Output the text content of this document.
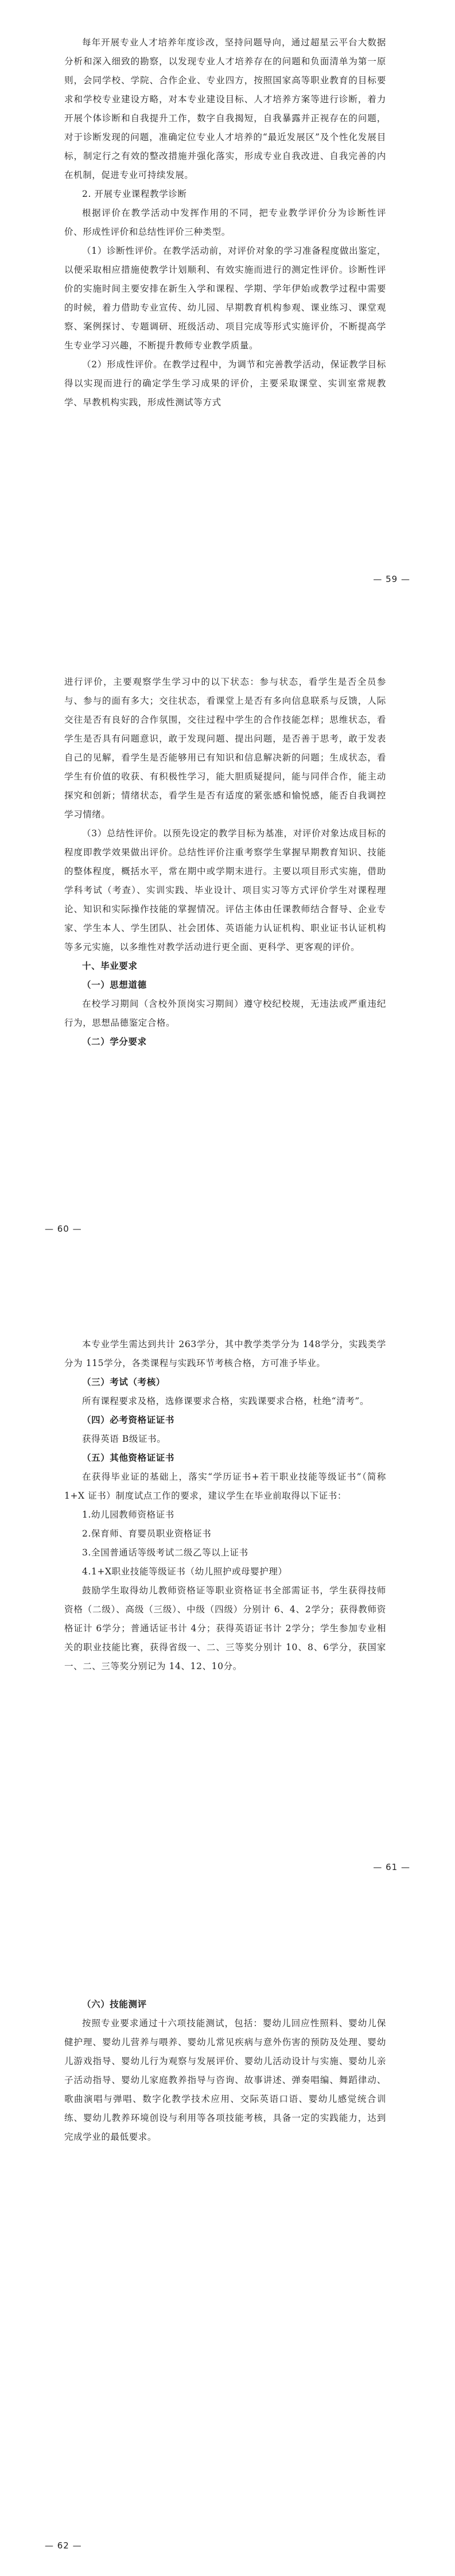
每年开展专业人才培养年度诊改，坚持问题导向，通过超星云平台大数据分析和深入细致的勘察，以发现专业人才培养存在的问题和负面清单为第一原则，会同学校、学院、合作企业、专业四方，按照国家高等职业教育的目标要求和学校专业建设方略，对本专业建设目标、人才培养方案等进行诊断，着力开展个体诊断和自我提升工作，数字自我揭短，自我暴露并正视存在的问题，对于诊断发现的问题，准确定位专业人才培养的“最近发展区”及个性化发展目标，制定行之有效的整改措施并强化落实，形成专业自我改进、自我完善的内在机制，促进专业可持续发展。

2. 开展专业课程教学诊断

根据评价在教学活动中发挥作用的不同，把专业教学评价分为诊断性评价、形成性评价和总结性评价三种类型。

（1）诊断性评价。在教学活动前，对评价对象的学习准备程度做出鉴定，以便采取相应措施使教学计划顺利、有效实施而进行的测定性评价。诊断性评价的实施时间主要安排在新生入学和课程、学期、学年伊始或教学过程中需要的时候，着力借助专业宣传、幼儿园、早期教育机构参观、课业练习、课堂观察、案例探讨、专题调研、班级活动、项目完成等形式实施评价，不断提高学生专业学习兴趣，不断提升教师专业教学质量。

（2）形成性评价。在教学过程中，为调节和完善教学活动，保证教学目标得以实现而进行的确定学生学习成果的评价，主要采取课堂、实训室常规教学、早教机构实践，形成性测试等方式

— 59 —

进行评价，主要观察学生学习中的以下状态：参与状态，看学生是否全员参与、参与的面有多大；交往状态，看课堂上是否有多向信息联系与反馈，人际交往是否有良好的合作氛围，交往过程中学生的合作技能怎样；思维状态，看学生是否具有问题意识，敢于发现问题、提出问题，是否善于思考，敢于发表自己的见解，看学生是否能够用已有知识和信息解决新的问题；生成状态，看学生有价值的收获、有积极性学习，能大胆质疑提问，能与同伴合作，能主动探究和创新；情绪状态，看学生是否有适度的紧张感和愉悦感，能否自我调控学习情绪。

（3）总结性评价。以预先设定的教学目标为基准，对评价对象达成目标的程度即教学效果做出评价。总结性评价注重考察学生掌握早期教育知识、技能的整体程度，概括水平，常在期中或学期末进行。主要以项目形式实施，借助学科考试（考查）、实训实践、毕业设计、项目实习等方式评价学生对课程理论、知识和实际操作技能的掌握情况。评估主体由任课教师结合督导、企业专家、学生本人、学生团队、社会团体、英语能力认证机构、职业证书认证机构等多元实施，以多维性对教学活动进行更全面、更科学、更客观的评价。

十、毕业要求

（一）思想道德

在校学习期间（含校外顶岗实习期间）遵守校纪校规，无违法或严重违纪行为，思想品德鉴定合格。

（二）学分要求

— 60 —

本专业学生需达到共计 263学分，其中教学类学分为 148学分，实践类学分为 115学分，各类课程与实践环节考核合格，方可准予毕业。

（三）考试（考核）

所有课程要求及格，选修课要求合格，实践课要求合格，杜绝“清考”。

（四）必考资格证证书

获得英语 B级证书。

（五）其他资格证证书

在获得毕业证的基础上，落实“学历证书+若干职业技能等级证书”（简称 1+X 证书）制度试点工作的要求，建议学生在毕业前取得以下证书：

1.幼儿园教师资格证书

2.保育师、育婴员职业资格证书

3.全国普通话等级考试二级乙等以上证书

4.1+X职业技能等级证书（幼儿照护或母婴护理）

鼓励学生取得幼儿教师资格证等职业资格证书全部需证书，学生获得技师资格（二级）、高级（三级）、中级（四级）分别计 6、4、2学分；获得教师资格证计 6学分；普通话证书计 4分；获得英语证书计 2学分；学生参加专业相关的职业技能比赛，获得省级一、二、三等奖分别计 10、8、6学分，获国家一、二、三等奖分别记为 14、12、10分。

— 61 —

（六）技能测评

按照专业要求通过十六项技能测试，包括：婴幼儿回应性照料、婴幼儿保健护理、婴幼儿营养与喂养、婴幼儿常见疾病与意外伤害的预防及处理、婴幼儿游戏指导、婴幼儿行为观察与发展评价、婴幼儿活动设计与实施、婴幼儿亲子活动指导、婴幼儿家庭教养指导与咨询、故事讲述、弹奏唱编、舞蹈律动、歌曲演唱与弹唱、数字化教学技术应用、交际英语口语、婴幼儿感觉统合训练、婴幼儿教养环境创设与利用等各项技能考核，具备一定的实践能力，达到完成学业的最低要求。

— 62 —
